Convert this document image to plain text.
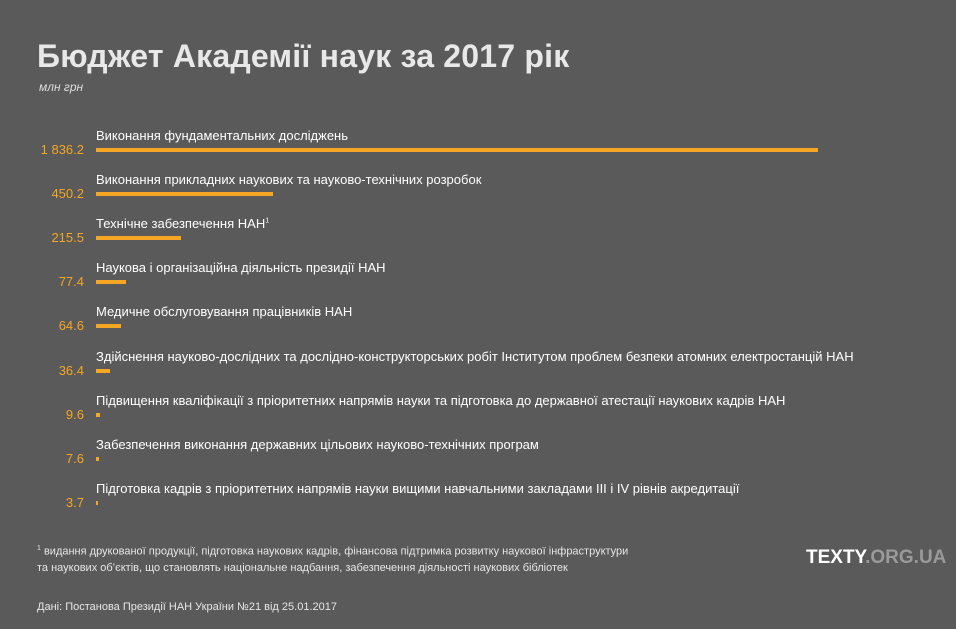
Бюджет Академії наук за 2017 рік
млн грн
1 836.2
Виконання фундаментальних досліджень
450.2
Виконання прикладних наукових та науково-технічних розробок
215.5
Технічне забезпечення НАН$^1$
77.4
Наукова і організаційна діяльність президії НАН
64.6
Медичне обслуговування працівників НАН
36.4
Здійснення науково-дослідних та дослідно-конструкторських робіт Інститутом проблем безпеки атомних електростанцій НАН
9.6
Підвищення кваліфікації з пріоритетних напрямів науки та підготовка до державної атестації наукових кадрів НАН
7.6
Забезпечення виконання державних цільових науково-технічних програм
3.7
Підготовка кадрів з пріоритетних напрямів науки вищими навчальними закладами ІІІ і IV рівнів акредитації
$^1$ видання друкованої продукції, підготовка наукових кадрів, фінансова підтримка розвитку наукової інфраструктури
та наукових об’єктів, що становлять національне надбання, забезпечення діяльності наукових бібліотек
Дані: Постанова Президії НАН України №21 від 25.01.2017
TEXTY.ORG.UA
